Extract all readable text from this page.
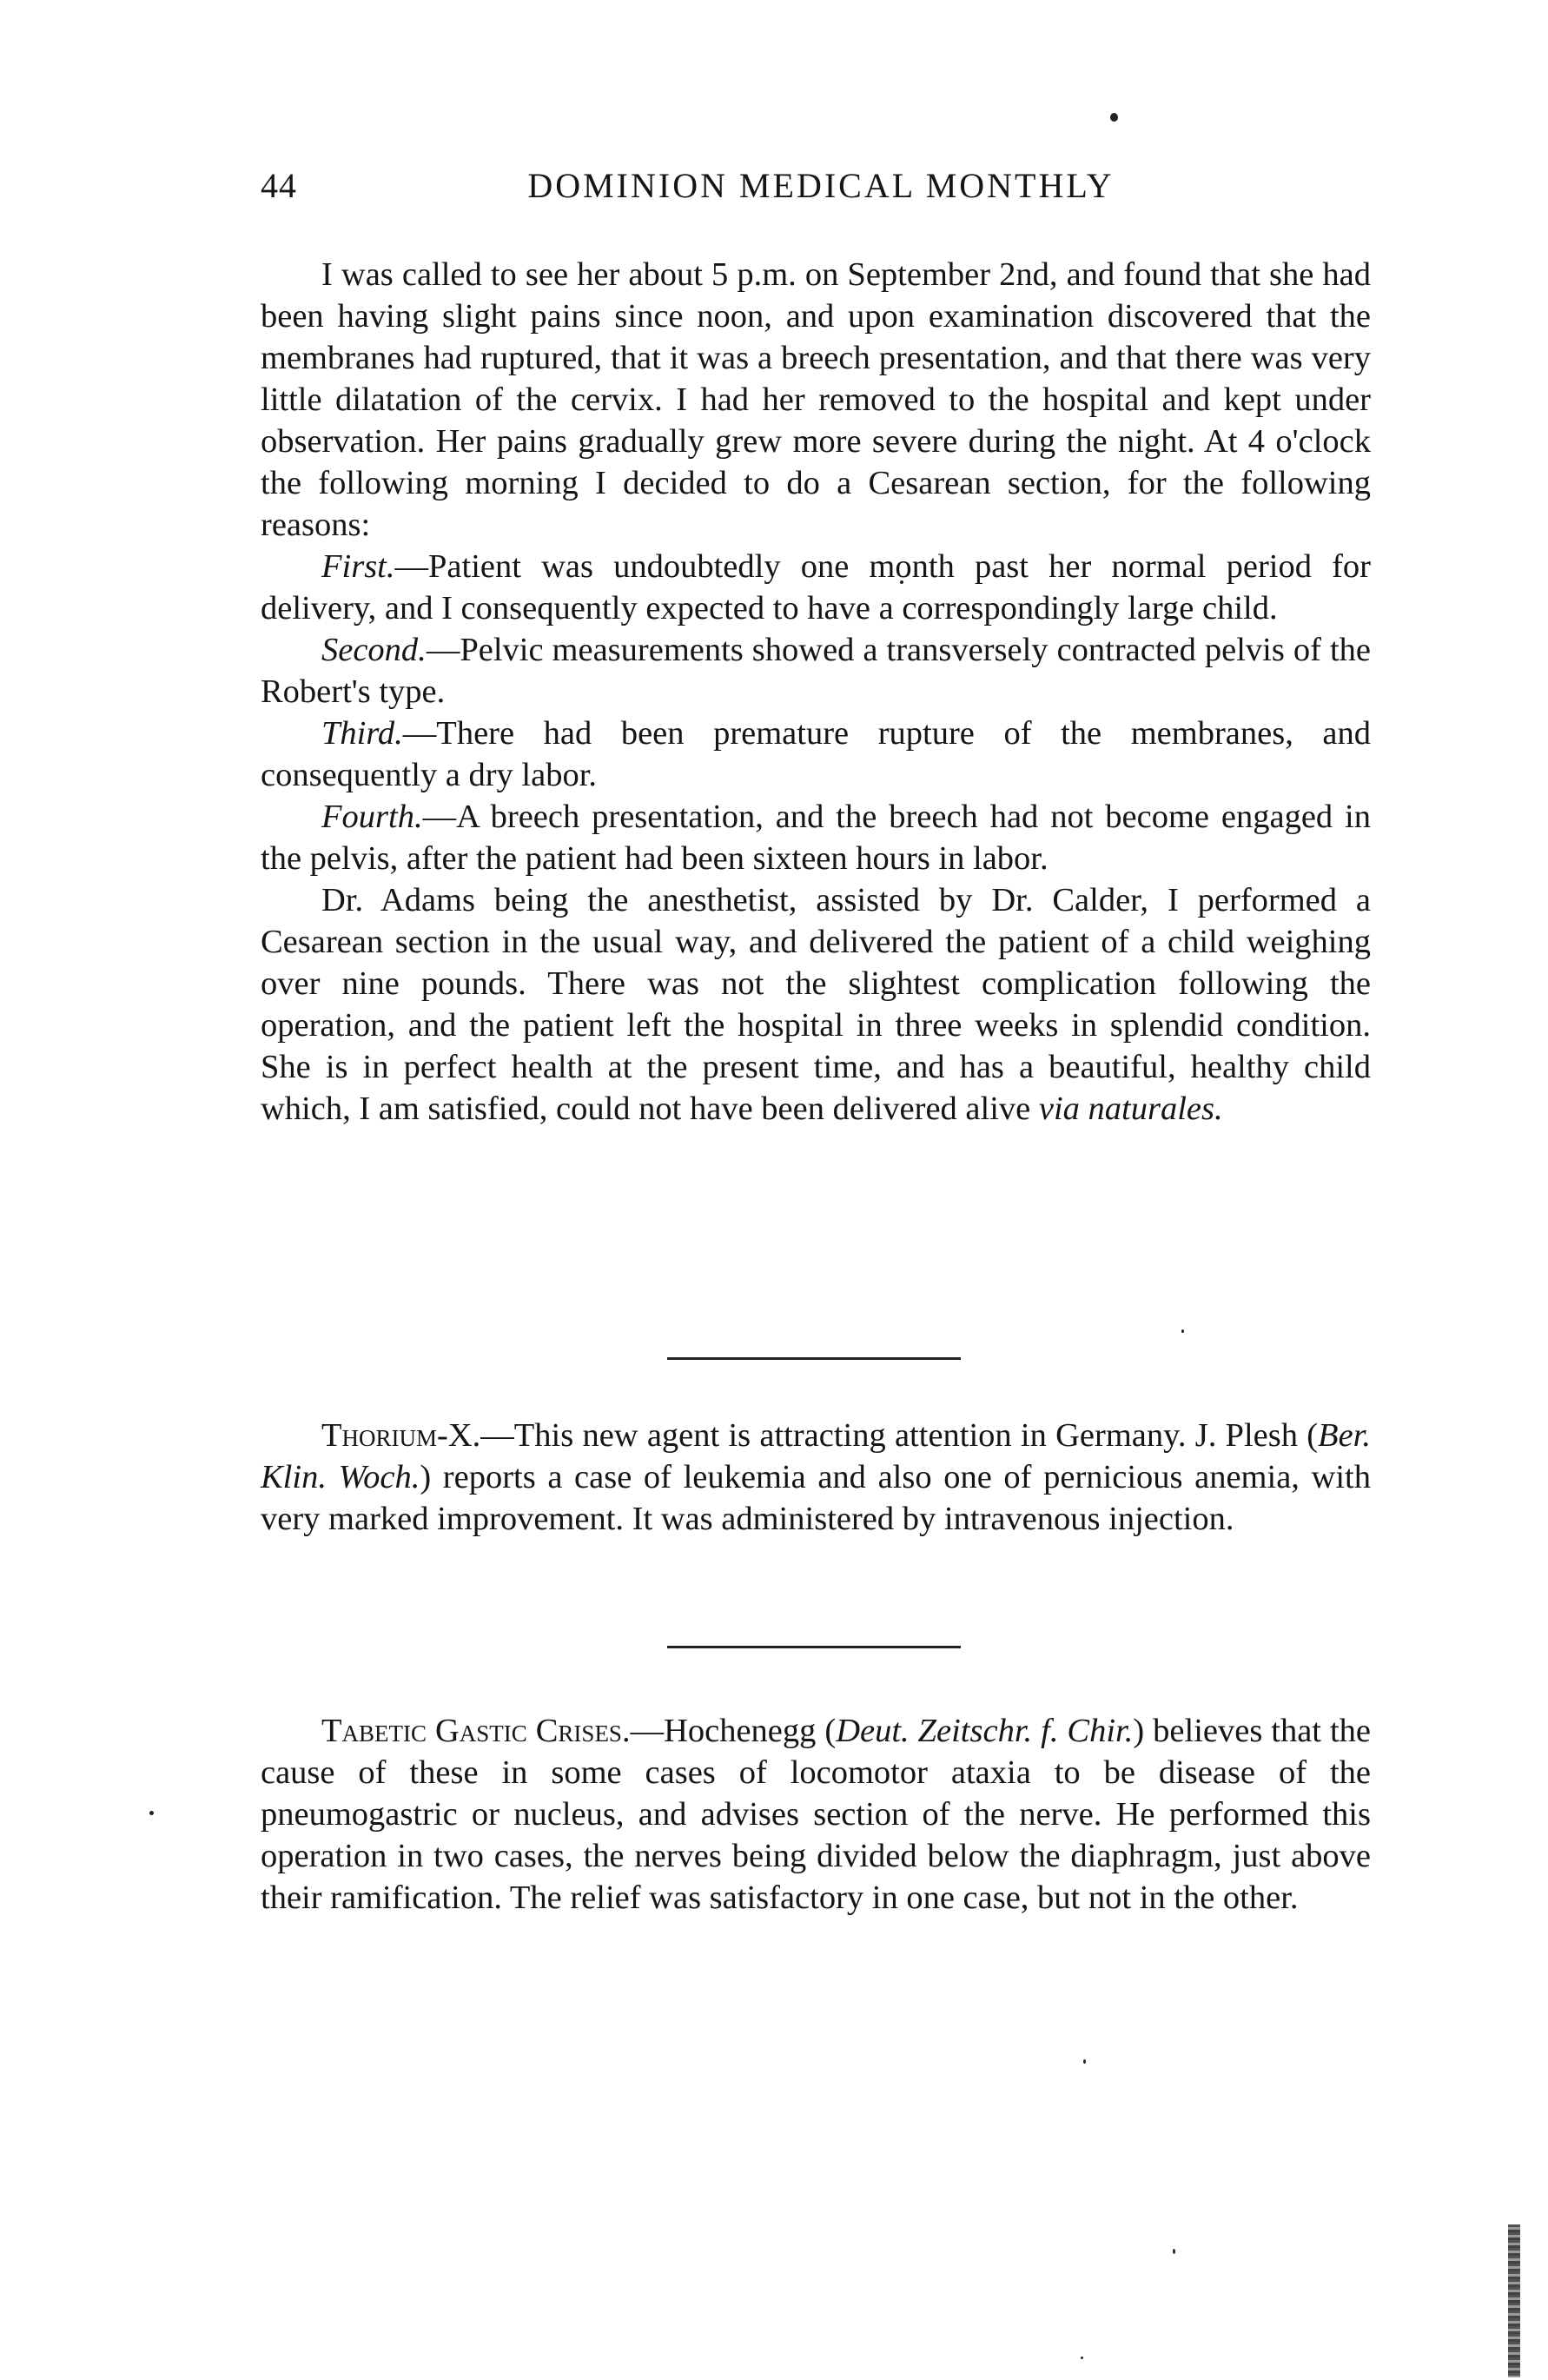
44	DOMINION MEDICAL MONTHLY

I was called to see her about 5 p.m. on September 2nd, and found that she had been having slight pains since noon, and upon examination discovered that the membranes had ruptured, that it was a breech presentation, and that there was very little dilatation of the cervix. I had her removed to the hospital and kept under observation. Her pains gradually grew more severe during the night. At 4 o'clock the following morning I decided to do a Cesarean section, for the following reasons:

First.—Patient was undoubtedly one month past her normal period for delivery, and I consequently expected to have a correspondingly large child.

Second.—Pelvic measurements showed a transversely contracted pelvis of the Robert's type.

Third.—There had been premature rupture of the membranes, and consequently a dry labor.

Fourth.—A breech presentation, and the breech had not become engaged in the pelvis, after the patient had been sixteen hours in labor.

Dr. Adams being the anesthetist, assisted by Dr. Calder, I performed a Cesarean section in the usual way, and delivered the patient of a child weighing over nine pounds. There was not the slightest complication following the operation, and the patient left the hospital in three weeks in splendid condition. She is in perfect health at the present time, and has a beautiful, healthy child which, I am satisfied, could not have been delivered alive via naturales.

Thorium-X.—This new agent is attracting attention in Germany. J. Plesh (Ber. Klin. Woch.) reports a case of leukemia and also one of pernicious anemia, with very marked improvement. It was administered by intravenous injection.

Tabetic Gastic Crises.—Hochenegg (Deut. Zeitschr. f. Chir.) believes that the cause of these in some cases of locomotor ataxia to be disease of the pneumogastric or nucleus, and advises section of the nerve. He performed this operation in two cases, the nerves being divided below the diaphragm, just above their ramification. The relief was satisfactory in one case, but not in the other.
